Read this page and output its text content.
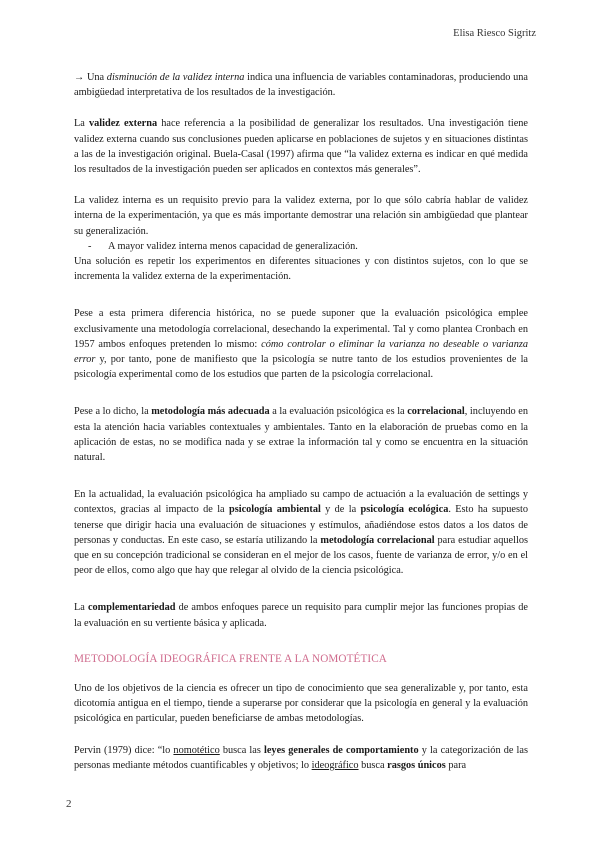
Elisa Riesco Sigritz

→ Una disminución de la validez interna indica una influencia de variables contaminadoras, produciendo una ambigüedad interpretativa de los resultados de la investigación.

La validez externa hace referencia a la posibilidad de generalizar los resultados. Una investigación tiene validez externa cuando sus conclusiones pueden aplicarse en poblaciones de sujetos y en situaciones distintas a las de la investigación original. Buela-Casal (1997) afirma que “la validez externa es indicar en qué medida los resultados de la investigación pueden ser aplicados en contextos más generales”.

La validez interna es un requisito previo para la validez externa, por lo que sólo cabría hablar de validez interna de la experimentación, ya que es más importante demostrar una relación sin ambigüedad que plantear su generalización.

-	A mayor validez interna menos capacidad de generalización.

Una solución es repetir los experimentos en diferentes situaciones y con distintos sujetos, con lo que se incrementa la validez externa de la experimentación.

Pese a esta primera diferencia histórica, no se puede suponer que la evaluación psicológica emplee exclusivamente una metodología correlacional, desechando la experimental. Tal y como plantea Cronbach en 1957 ambos enfoques pretenden lo mismo: cómo controlar o eliminar la varianza no deseable o varianza error y, por tanto, pone de manifiesto que la psicología se nutre tanto de los estudios provenientes de la psicología experimental como de los estudios que parten de la psicología correlacional.

Pese a lo dicho, la metodología más adecuada a la evaluación psicológica es la correlacional, incluyendo en esta la atención hacia variables contextuales y ambientales. Tanto en la elaboración de pruebas como en la aplicación de estas, no se modifica nada y se extrae la información tal y como se encuentra en la situación natural.

En la actualidad, la evaluación psicológica ha ampliado su campo de actuación a la evaluación de settings y contextos, gracias al impacto de la psicología ambiental y de la psicología ecológica. Esto ha supuesto tenerse que dirigir hacia una evaluación de situaciones y estímulos, añadiéndose estos datos a los datos de personas y conductas. En este caso, se estaría utilizando la metodología correlacional para estudiar aquellos que en su concepción tradicional se consideran en el mejor de los casos, fuente de varianza de error, y/o en el peor de ellos, como algo que hay que relegar al olvido de la ciencia psicológica.

La complementariedad de ambos enfoques parece un requisito para cumplir mejor las funciones propias de la evaluación en su vertiente básica y aplicada.

METODOLOGÍA IDEOGRÁFICA FRENTE A LA NOMOTÉTICA

Uno de los objetivos de la ciencia es ofrecer un tipo de conocimiento que sea generalizable y, por tanto, esta dicotomía antigua en el tiempo, tiende a superarse por considerar que la psicología en general y la evaluación psicológica en particular, pueden beneficiarse de ambas metodologías.

Pervin (1979) dice: “lo nomotético busca las leyes generales de comportamiento y la categorización de las personas mediante métodos cuantificables y objetivos; lo ideográfico busca rasgos únicos para

2
